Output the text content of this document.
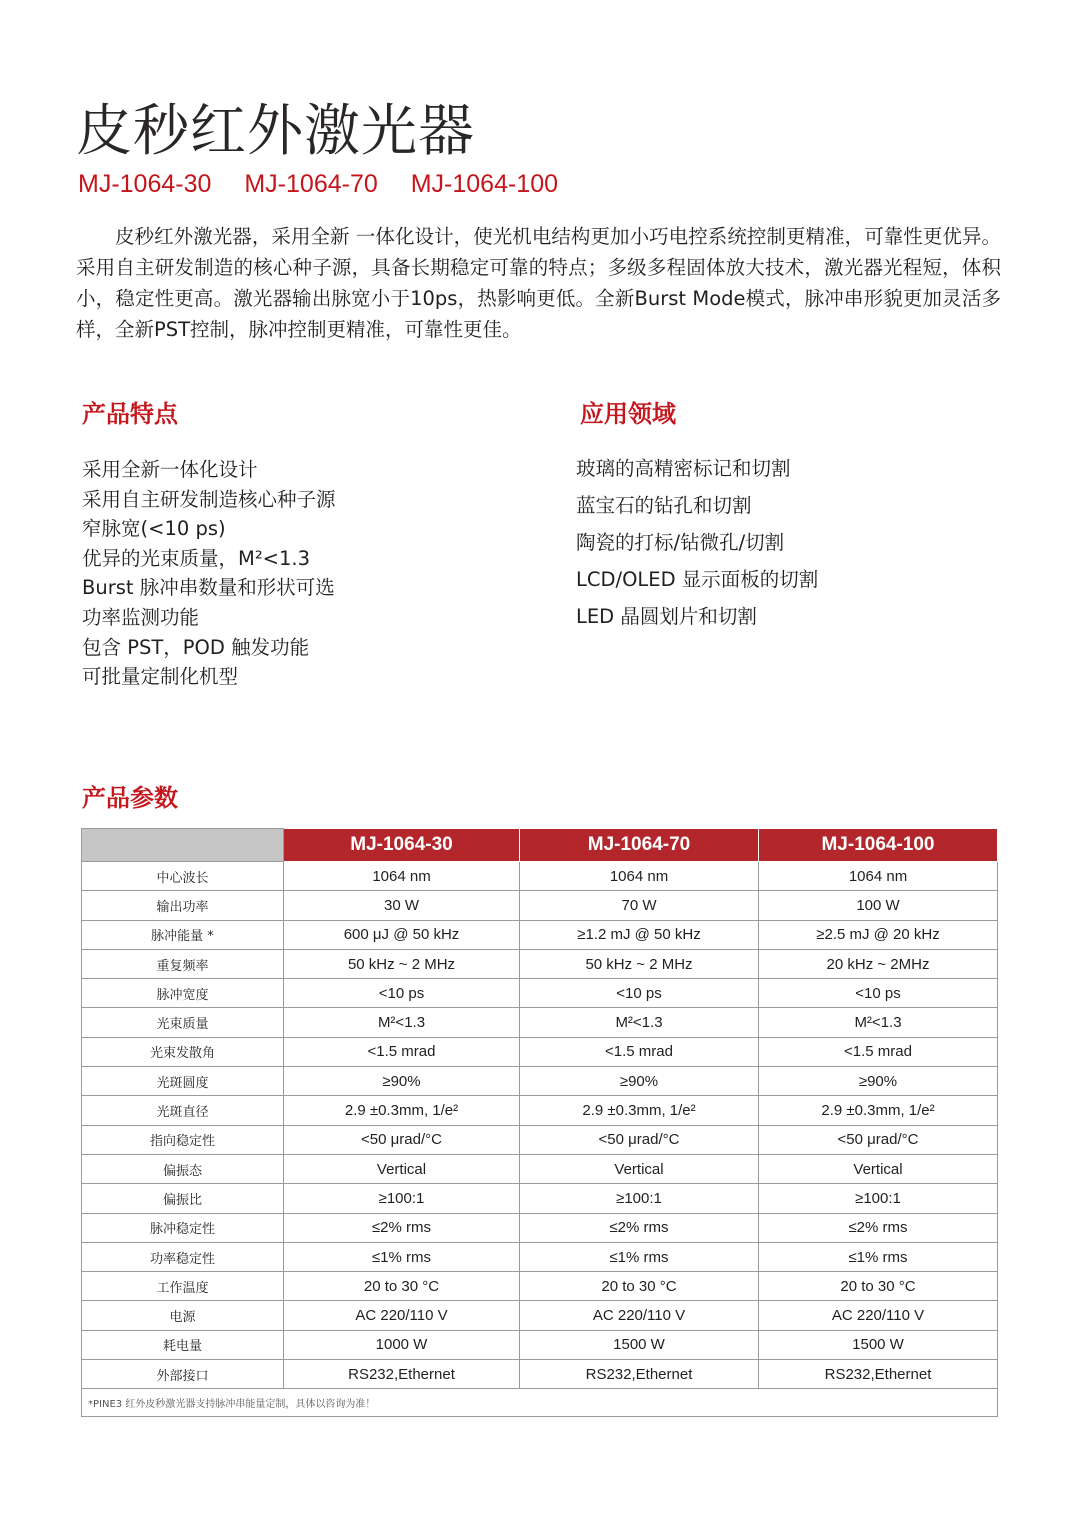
皮秒红外激光器
MJ-1064-30 MJ-1064-70 MJ-1064-100

皮秒红外激光器，采用全新 一体化设计，使光机电结构更加小巧电控系统控制更精准，可靠性更优异。采用自主研发制造的核心种子源，具备长期稳定可靠的特点；多级多程固体放大技术，激光器光程短，体积小，稳定性更高。激光器输出脉宽小于10ps，热影响更低。全新Burst Mode模式，脉冲串形貌更加灵活多样，全新PST控制，脉冲控制更精准，可靠性更佳。

产品特点
采用全新一体化设计
采用自主研发制造核心种子源
窄脉宽(<10 ps)
优异的光束质量，M²<1.3
Burst 脉冲串数量和形状可选
功率监测功能
包含 PST，POD 触发功能
可批量定制化机型
应用领域
玻璃的高精密标记和切割
蓝宝石的钻孔和切割
陶瓷的打标/钻微孔/切割
LCD/OLED 显示面板的切割
LED 晶圆划片和切割
产品参数
	MJ-1064-30	MJ-1064-70	MJ-1064-100
中心波长	1064 nm	1064 nm	1064 nm
输出功率	30 W	70 W	100 W
脉冲能量 *	600 μJ @ 50 kHz	≥1.2 mJ @ 50 kHz	≥2.5 mJ @ 20 kHz
重复频率	50 kHz ~ 2 MHz	50 kHz ~ 2 MHz	20 kHz ~ 2MHz
脉冲宽度	<10 ps	<10 ps	<10 ps
光束质量	M²<1.3	M²<1.3	M²<1.3
光束发散角	<1.5 mrad	<1.5 mrad	<1.5 mrad
光斑圆度	≥90%	≥90%	≥90%
光斑直径	2.9 ±0.3mm, 1/e²	2.9 ±0.3mm, 1/e²	2.9 ±0.3mm, 1/e²
指向稳定性	<50 μrad/°C	<50 μrad/°C	<50 μrad/°C
偏振态	Vertical	Vertical	Vertical
偏振比	≥100:1	≥100:1	≥100:1
脉冲稳定性	≤2% rms	≤2% rms	≤2% rms
功率稳定性	≤1% rms	≤1% rms	≤1% rms
工作温度	20 to 30 °C	20 to 30 °C	20 to 30 °C
电源	AC 220/110 V	AC 220/110 V	AC 220/110 V
耗电量	1000 W	1500 W	1500 W
外部接口	RS232,Ethernet	RS232,Ethernet	RS232,Ethernet
*PINE3 红外皮秒激光器支持脉冲串能量定制，具体以咨询为准！			
